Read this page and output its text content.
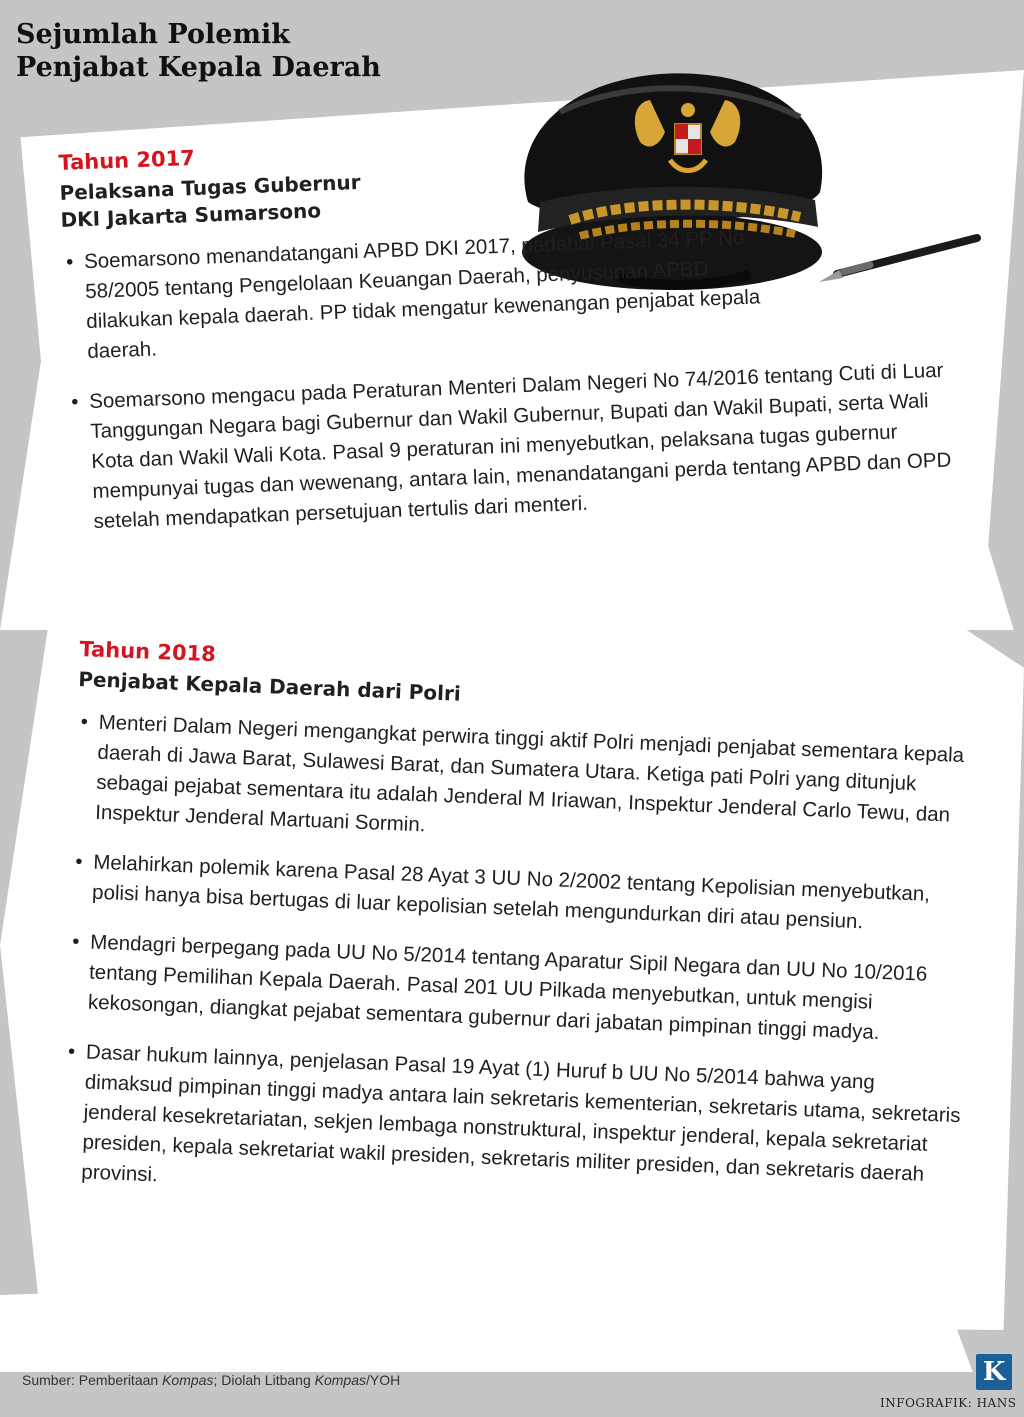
Sejumlah Polemik
Penjabat Kepala Daerah

Tahun 2017

Pelaksana Tugas Gubernur
DKI Jakarta Sumarsono
• Soemarsono menandatangani APBD DKI 2017, padahal Pasal 34 PP No 58/2005 tentang Pengelolaan Keuangan Daerah, penyusunan APBD dilakukan kepala daerah. PP tidak mengatur kewenangan penjabat kepala daerah.
• Soemarsono mengacu pada Peraturan Menteri Dalam Negeri No 74/2016 tentang Cuti di Luar Tanggungan Negara bagi Gubernur dan Wakil Gubernur, Bupati dan Wakil Bupati, serta Wali Kota dan Wakil Wali Kota. Pasal 9 peraturan ini menyebutkan, pelaksana tugas gubernur mempunyai tugas dan wewenang, antara lain, menandatangani perda tentang APBD dan OPD setelah mendapatkan persetujuan tertulis dari menteri.

Tahun 2018

Penjabat Kepala Daerah dari Polri
• Menteri Dalam Negeri mengangkat perwira tinggi aktif Polri menjadi penjabat sementara kepala daerah di Jawa Barat, Sulawesi Barat, dan Sumatera Utara. Ketiga pati Polri yang ditunjuk sebagai pejabat sementara itu adalah Jenderal M Iriawan, Inspektur Jenderal Carlo Tewu, dan Inspektur Jenderal Martuani Sormin.
• Melahirkan polemik karena Pasal 28 Ayat 3 UU No 2/2002 tentang Kepolisian menyebutkan, polisi hanya bisa bertugas di luar kepolisian setelah mengundurkan diri atau pensiun.
• Mendagri berpegang pada UU No 5/2014 tentang Aparatur Sipil Negara dan UU No 10/2016 tentang Pemilihan Kepala Daerah. Pasal 201 UU Pilkada menyebutkan, untuk mengisi kekosongan, diangkat pejabat sementara gubernur dari jabatan pimpinan tinggi madya.
• Dasar hukum lainnya, penjelasan Pasal 19 Ayat (1) Huruf b UU No 5/2014 bahwa yang dimaksud pimpinan tinggi madya antara lain sekretaris kementerian, sekretaris utama, sekretaris jenderal kesekretariatan, sekjen lembaga nonstruktural, inspektur jenderal, kepala sekretariat presiden, kepala sekretariat wakil presiden, sekretaris militer presiden, dan sekretaris daerah provinsi.

Sumber: Pemberitaan Kompas; Diolah Litbang Kompas/YOH	K

INFOGRAFIK: HANS
